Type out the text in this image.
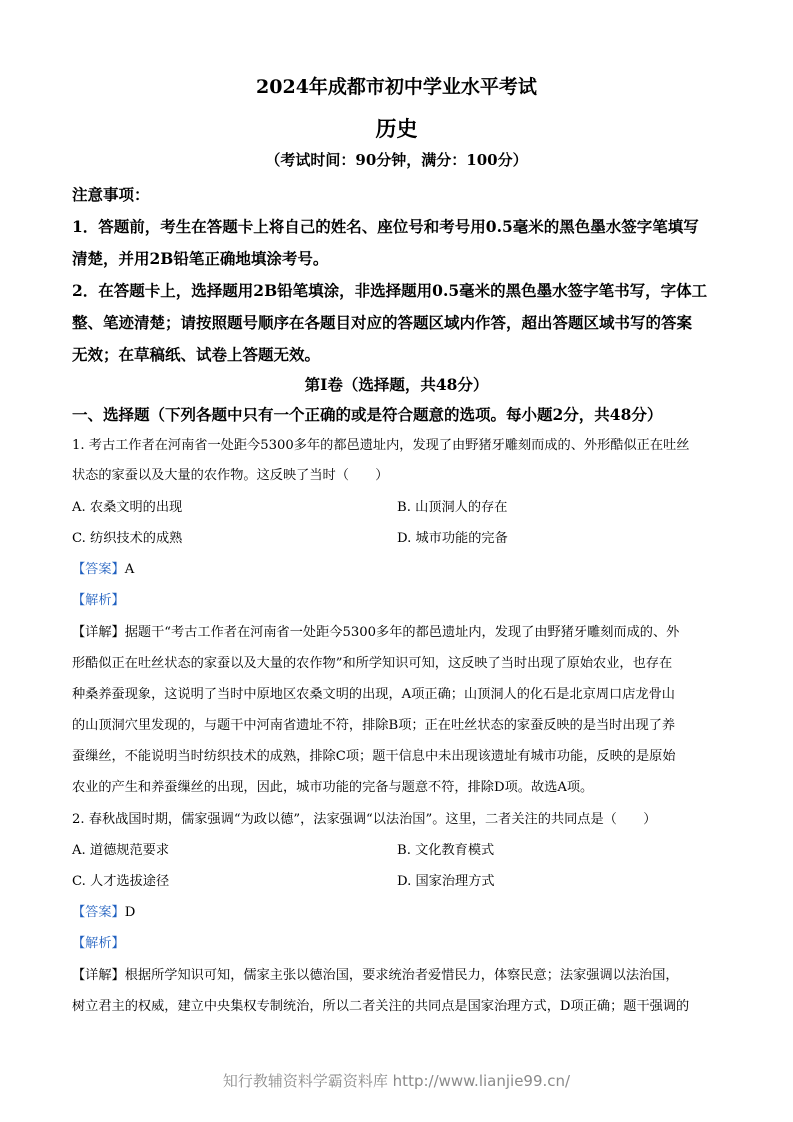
2024年成都市初中学业水平考试
历史
（考试时间：90分钟，满分：100分）
注意事项：
1．答题前，考生在答题卡上将自己的姓名、座位号和考号用0.5毫米的黑色墨水签字笔填写
清楚，并用2B铅笔正确地填涂考号。
2．在答题卡上，选择题用2B铅笔填涂，非选择题用0.5毫米的黑色墨水签字笔书写，字体工
整、笔迹清楚；请按照题号顺序在各题目对应的答题区域内作答，超出答题区域书写的答案
无效；在草稿纸、试卷上答题无效。
第Ⅰ卷（选择题，共48分）
一、选择题（下列各题中只有一个正确的或是符合题意的选项。每小题2分，共48分）
1. 考古工作者在河南省一处距今5300多年的都邑遗址内，发现了由野猪牙雕刻而成的、外形酷似正在吐丝
状态的家蚕以及大量的农作物。这反映了当时（　　）
A. 农桑文明的出现	B. 山顶洞人的存在
C. 纺织技术的成熟	D. 城市功能的完备
【答案】A
【解析】
【详解】据题干“考古工作者在河南省一处距今5300多年的都邑遗址内，发现了由野猪牙雕刻而成的、外
形酷似正在吐丝状态的家蚕以及大量的农作物”和所学知识可知，这反映了当时出现了原始农业，也存在
种桑养蚕现象，这说明了当时中原地区农桑文明的出现，A项正确；山顶洞人的化石是北京周口店龙骨山
的山顶洞穴里发现的，与题干中河南省遗址不符，排除B项；正在吐丝状态的家蚕反映的是当时出现了养
蚕缫丝，不能说明当时纺织技术的成熟，排除C项；题干信息中未出现该遗址有城市功能，反映的是原始
农业的产生和养蚕缫丝的出现，因此，城市功能的完备与题意不符，排除D项。故选A项。
2. 春秋战国时期，儒家强调“为政以德”，法家强调“以法治国”。这里，二者关注的共同点是（　　）
A. 道德规范要求	B. 文化教育模式
C. 人才选拔途径	D. 国家治理方式
【答案】D
【解析】
【详解】根据所学知识可知，儒家主张以德治国，要求统治者爱惜民力，体察民意；法家强调以法治国，
树立君主的权威，建立中央集权专制统治，所以二者关注的共同点是国家治理方式，D项正确；题干强调的
知行教辅资料学霸资料库 http://www.lianjie99.cn/
